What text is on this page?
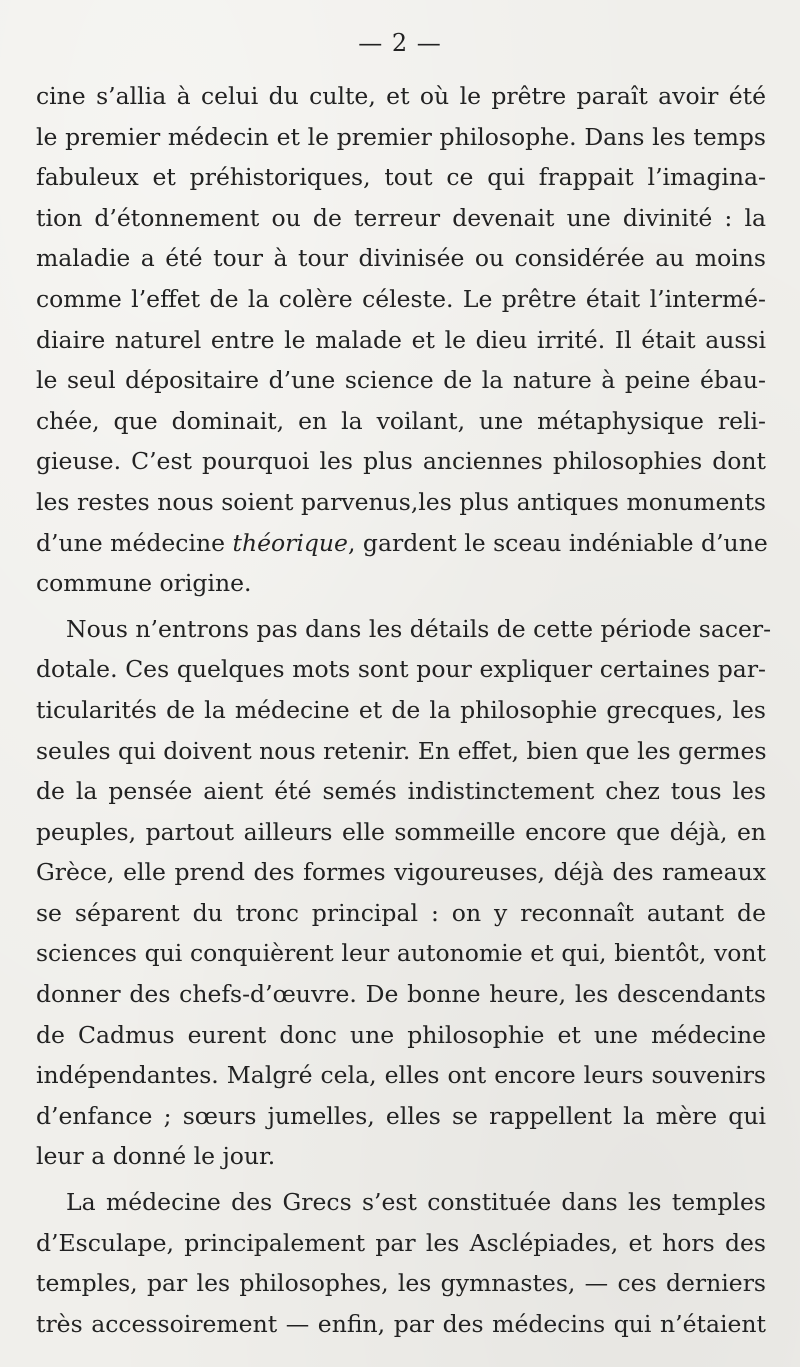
— 2 —
cine s’allia à celui du culte, et où le prêtre paraît avoir été
le premier médecin et le premier philosophe. Dans les temps
fabuleux et préhistoriques, tout ce qui frappait l’imagina-
tion d’étonnement ou de terreur devenait une divinité : la
maladie a été tour à tour divinisée ou considérée au moins
comme l’effet de la colère céleste. Le prêtre était l’intermé-
diaire naturel entre le malade et le dieu irrité. Il était aussi
le seul dépositaire d’une science de la nature à peine ébau-
chée, que dominait, en la voilant, une métaphysique reli-
gieuse. C’est pourquoi les plus anciennes philosophies dont
les restes nous soient parvenus,les plus antiques monuments
d’une médecine théorique, gardent le sceau indéniable d’une
commune origine.
Nous n’entrons pas dans les détails de cette période sacer-
dotale. Ces quelques mots sont pour expliquer certaines par-
ticularités de la médecine et de la philosophie grecques, les
seules qui doivent nous retenir. En effet, bien que les germes
de la pensée aient été semés indistinctement chez tous les
peuples, partout ailleurs elle sommeille encore que déjà, en
Grèce, elle prend des formes vigoureuses, déjà des rameaux
se séparent du tronc principal : on y reconnaît autant de
sciences qui conquièrent leur autonomie et qui, bientôt, vont
donner des chefs-d’œuvre. De bonne heure, les descendants
de Cadmus eurent donc une philosophie et une médecine
indépendantes. Malgré cela, elles ont encore leurs souvenirs
d’enfance ; sœurs jumelles, elles se rappellent la mère qui
leur a donné le jour.
La médecine des Grecs s’est constituée dans les temples
d’Esculape, principalement par les Asclépiades, et hors des
temples, par les philosophes, les gymnastes, — ces derniers
très accessoirement — enfin, par des médecins qui n’étaient
